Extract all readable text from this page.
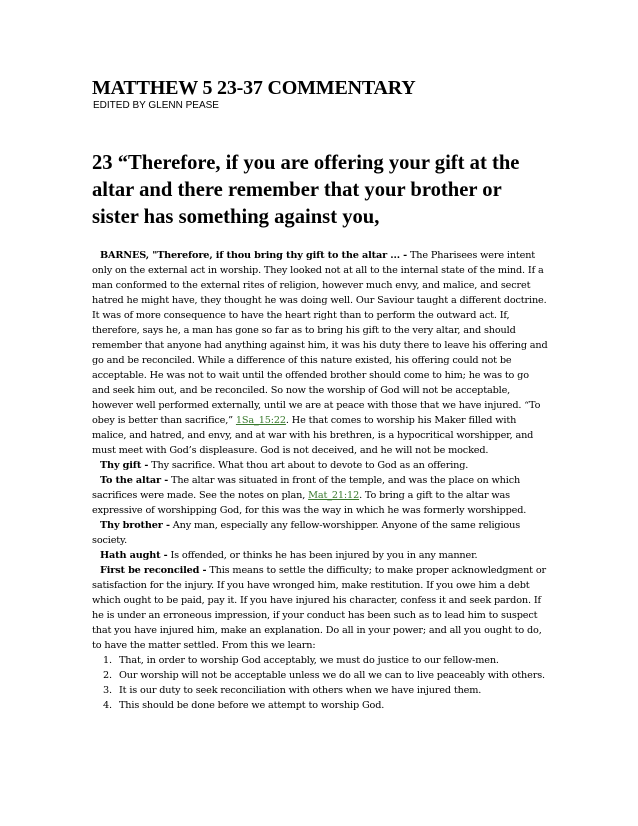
MATTHEW 5 23-37 COMMENTARY
EDITED BY GLENN PEASE
23 “Therefore, if you are offering your gift at the altar and there remember that your brother or sister has something against you,

BARNES, "Therefore, if thou bring thy gift to the altar ... - The Pharisees were intent only on the external act in worship. They looked not at all to the internal state of the mind. If a man conformed to the external rites of religion, however much envy, and malice, and secret hatred he might have, they thought he was doing well. Our Saviour taught a different doctrine. It was of more consequence to have the heart right than to perform the outward act. If, therefore, says he, a man has gone so far as to bring his gift to the very altar, and should remember that anyone had anything against him, it was his duty there to leave his offering and go and be reconciled. While a difference of this nature existed, his offering could not be acceptable. He was not to wait until the offended brother should come to him; he was to go and seek him out, and be reconciled. So now the worship of God will not be acceptable, however well performed externally, until we are at peace with those that we have injured. “To obey is better than sacrifice,” 1Sa_15:22. He that comes to worship his Maker filled with malice, and hatred, and envy, and at war with his brethren, is a hypocritical worshipper, and must meet with God’s displeasure. God is not deceived, and he will not be mocked.

Thy gift - Thy sacrifice. What thou art about to devote to God as an offering.

To the altar - The altar was situated in front of the temple, and was the place on which sacrifices were made. See the notes on plan, Mat_21:12. To bring a gift to the altar was expressive of worshipping God, for this was the way in which he was formerly worshipped.

Thy brother - Any man, especially any fellow-worshipper. Anyone of the same religious society.

Hath aught - Is offended, or thinks he has been injured by you in any manner.

First be reconciled - This means to settle the difficulty; to make proper acknowledgment or satisfaction for the injury. If you have wronged him, make restitution. If you owe him a debt which ought to be paid, pay it. If you have injured his character, confess it and seek pardon. If he is under an erroneous impression, if your conduct has been such as to lead him to suspect that you have injured him, make an explanation. Do all in your power; and all you ought to do, to have the matter settled. From this we learn:

1. That, in order to worship God acceptably, we must do justice to our fellow-men.
2. Our worship will not be acceptable unless we do all we can to live peaceably with others.
3. It is our duty to seek reconciliation with others when we have injured them.
4. This should be done before we attempt to worship God.
